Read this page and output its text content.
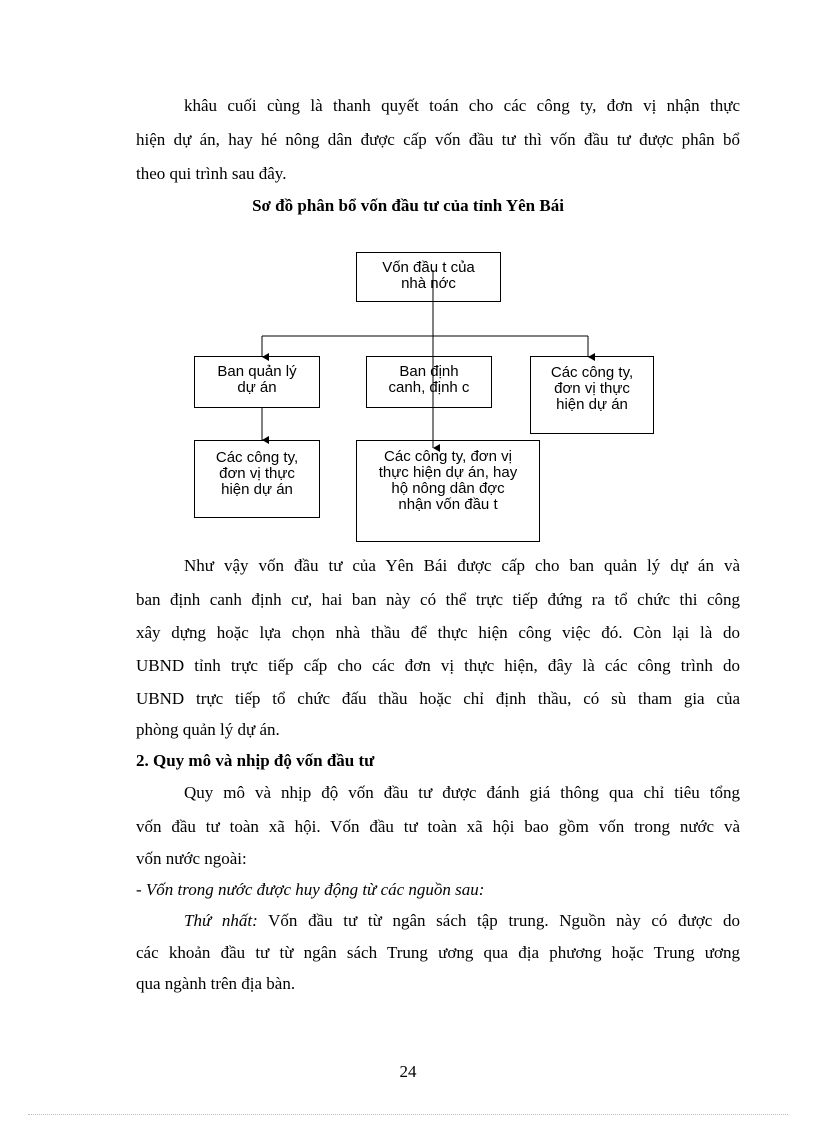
khâu cuối cùng là thanh quyết toán cho các công ty, đơn vị nhận thực
hiện dự án, hay hé nông dân được cấp vốn đầu tư thì vốn đầu tư được phân bổ
theo qui trình sau đây.
Sơ đồ phân bổ vốn đầu tư của tỉnh Yên Bái
Vốn đầu t của
nhà nớc
Ban quản lý
dự án
Ban định
canh, định c
Các công ty,
đơn vị thực
hiện dự án
Các công ty,
đơn vị thực
hiện dự án
Các công ty, đơn vị
thực hiện dự án, hay
hộ nông dân đợc
nhận vốn đầu t
Như vậy vốn đầu tư của Yên Bái được cấp cho ban quản lý dự án và
ban định canh định cư, hai ban này có thể trực tiếp đứng ra tổ chức thi công
xây dựng hoặc lựa chọn nhà thầu để thực hiện công việc đó. Còn lại là do
UBND tỉnh trực tiếp cấp cho các đơn vị thực hiện, đây là các công trình do
UBND trực tiếp tổ chức đấu thầu hoặc chỉ định thầu, có sù tham gia của
phòng quản lý dự án.
2. Quy mô và nhịp độ vốn đầu tư
Quy mô và nhịp độ vốn đầu tư được đánh giá thông qua chỉ tiêu tổng
vốn đầu tư toàn xã hội. Vốn đầu tư toàn xã hội bao gồm vốn trong nước và
vốn nước ngoài:
- Vốn trong nước được huy động từ các nguồn sau:
Thứ nhất: Vốn đầu tư từ ngân sách tập trung. Nguồn này có được do
các khoản đầu tư từ ngân sách Trung ương qua địa phương hoặc Trung ương
qua ngành trên địa bàn.
24
